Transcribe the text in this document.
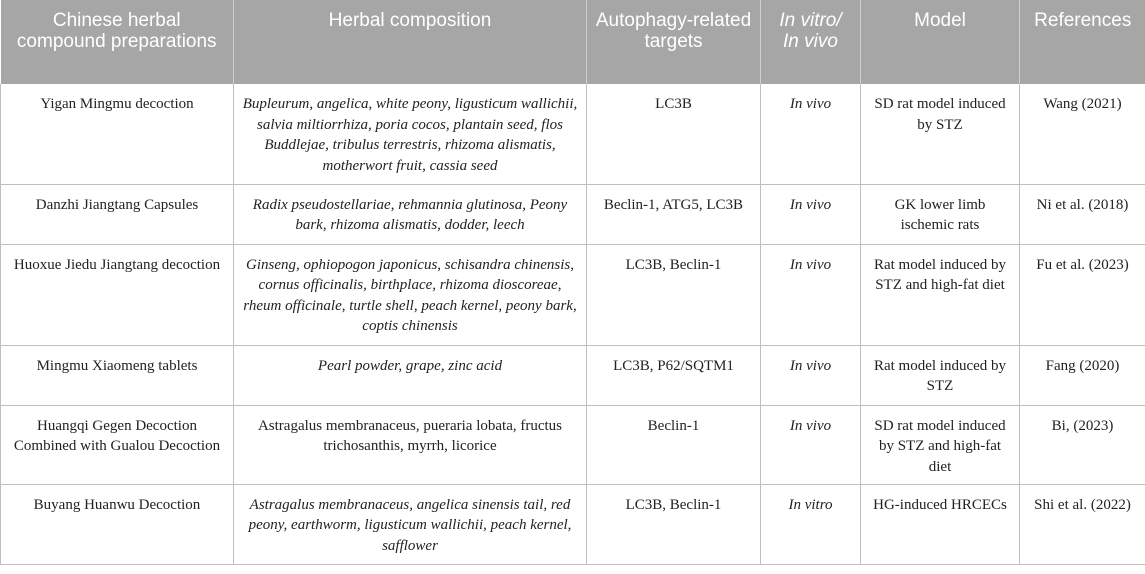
Chinese herbal compound preparations	Herbal composition	Autophagy-related targets	In vitro/ In vivo	Model	References
Yigan Mingmu decoction	Bupleurum, angelica, white peony, ligusticum wallichii, salvia miltiorrhiza, poria cocos, plantain seed, flos Buddlejae, tribulus terrestris, rhizoma alismatis, motherwort fruit, cassia seed	LC3B	In vivo	SD rat model induced by STZ	Wang (2021)
Danzhi Jiangtang Capsules	Radix pseudostellariae, rehmannia glutinosa, Peony bark, rhizoma alismatis, dodder, leech	Beclin-1, ATG5, LC3B	In vivo	GK lower limb ischemic rats	Ni et al. (2018)
Huoxue Jiedu Jiangtang decoction	Ginseng, ophiopogon japonicus, schisandra chinensis, cornus officinalis, birthplace, rhizoma dioscoreae, rheum officinale, turtle shell, peach kernel, peony bark, coptis chinensis	LC3B, Beclin-1	In vivo	Rat model induced by STZ and high-fat diet	Fu et al. (2023)
Mingmu Xiaomeng tablets	Pearl powder, grape, zinc acid	LC3B, P62/SQTM1	In vivo	Rat model induced by STZ	Fang (2020)
Huangqi Gegen Decoction Combined with Gualou Decoction	Astragalus membranaceus, pueraria lobata, fructus trichosanthis, myrrh, licorice	Beclin-1	In vivo	SD rat model induced by STZ and high-fat diet	Bi, (2023)
Buyang Huanwu Decoction	Astragalus membranaceus, angelica sinensis tail, red peony, earthworm, ligusticum wallichii, peach kernel, safflower	LC3B, Beclin-1	In vitro	HG-induced HRCECs	Shi et al. (2022)
